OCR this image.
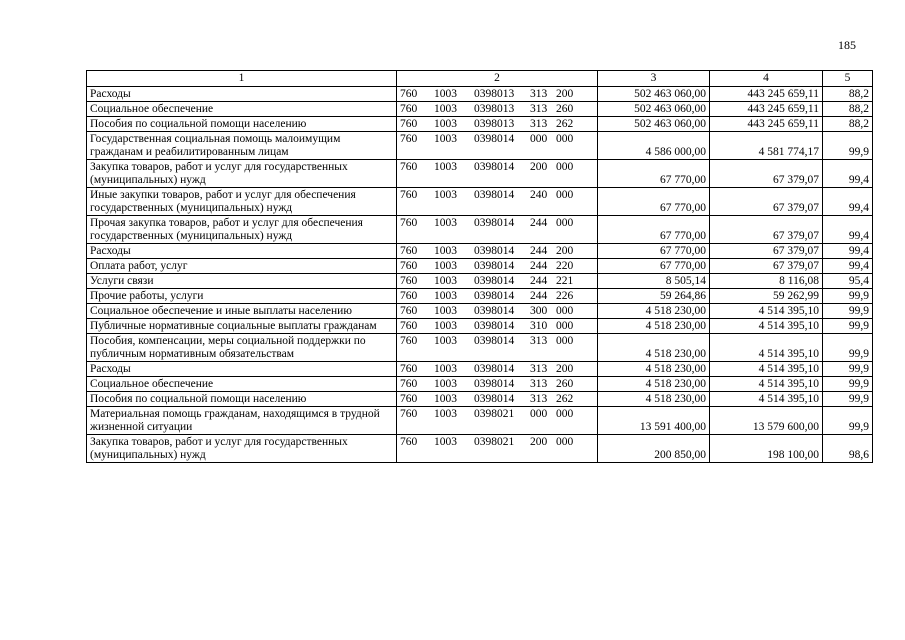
185
1	2	3	4	5
Расходы	760 1003 0398013 313 200	502 463 060,00	443 245 659,11	88,2
Социальное обеспечение	760 1003 0398013 313 260	502 463 060,00	443 245 659,11	88,2
Пособия по социальной помощи населению	760 1003 0398013 313 262	502 463 060,00	443 245 659,11	88,2
Государственная социальная помощь малоимущим гражданам и реабилитированным лицам	760 1003 0398014 000 000	4 586 000,00	4 581 774,17	99,9
Закупка товаров, работ и услуг для государственных (муниципальных) нужд	760 1003 0398014 200 000	67 770,00	67 379,07	99,4
Иные закупки товаров, работ и услуг для обеспечения государственных (муниципальных) нужд	760 1003 0398014 240 000	67 770,00	67 379,07	99,4
Прочая закупка товаров, работ и услуг для обеспечения государственных (муниципальных) нужд	760 1003 0398014 244 000	67 770,00	67 379,07	99,4
Расходы	760 1003 0398014 244 200	67 770,00	67 379,07	99,4
Оплата работ, услуг	760 1003 0398014 244 220	67 770,00	67 379,07	99,4
Услуги связи	760 1003 0398014 244 221	8 505,14	8 116,08	95,4
Прочие работы, услуги	760 1003 0398014 244 226	59 264,86	59 262,99	99,9
Социальное обеспечение и иные выплаты населению	760 1003 0398014 300 000	4 518 230,00	4 514 395,10	99,9
Публичные нормативные социальные выплаты гражданам	760 1003 0398014 310 000	4 518 230,00	4 514 395,10	99,9
Пособия, компенсации, меры социальной поддержки по публичным нормативным обязательствам	760 1003 0398014 313 000	4 518 230,00	4 514 395,10	99,9
Расходы	760 1003 0398014 313 200	4 518 230,00	4 514 395,10	99,9
Социальное обеспечение	760 1003 0398014 313 260	4 518 230,00	4 514 395,10	99,9
Пособия по социальной помощи населению	760 1003 0398014 313 262	4 518 230,00	4 514 395,10	99,9
Материальная помощь гражданам, находящимся в трудной жизненной ситуации	760 1003 0398021 000 000	13 591 400,00	13 579 600,00	99,9
Закупка товаров, работ и услуг для государственных (муниципальных) нужд	760 1003 0398021 200 000	200 850,00	198 100,00	98,6
